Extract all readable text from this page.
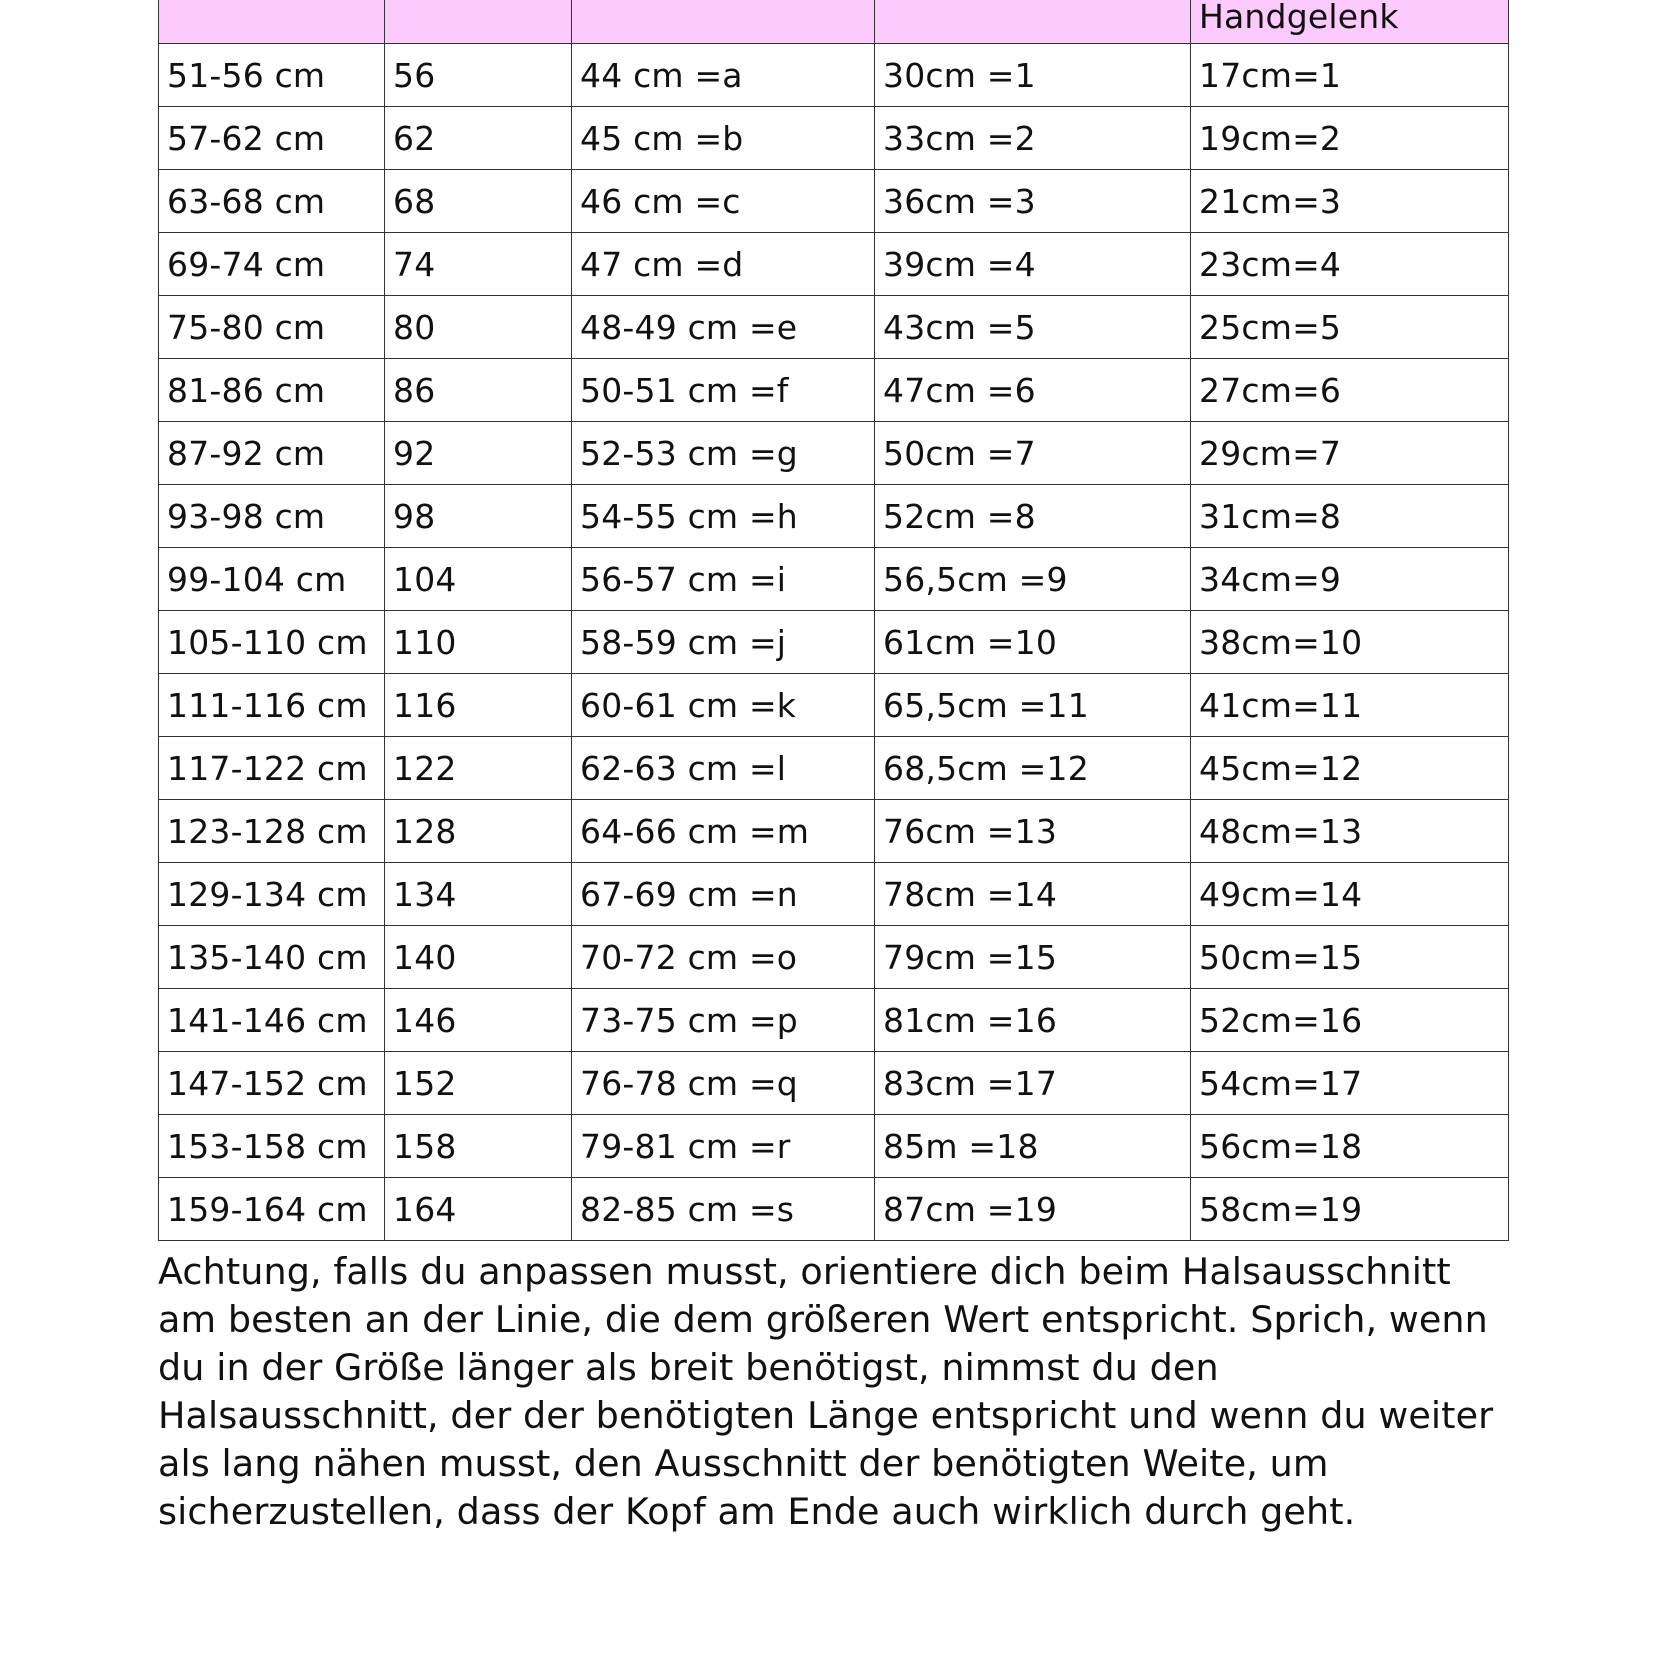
				Handgelenk
51-56 cm	56	44 cm =a	30cm =1	17cm=1
57-62 cm	62	45 cm =b	33cm =2	19cm=2
63-68 cm	68	46 cm =c	36cm =3	21cm=3
69-74 cm	74	47 cm =d	39cm =4	23cm=4
75-80 cm	80	48-49 cm =e	43cm =5	25cm=5
81-86 cm	86	50-51 cm =f	47cm =6	27cm=6
87-92 cm	92	52-53 cm =g	50cm =7	29cm=7
93-98 cm	98	54-55 cm =h	52cm =8	31cm=8
99-104 cm	104	56-57 cm =i	56,5cm =9	34cm=9
105-110 cm	110	58-59 cm =j	61cm =10	38cm=10
111-116 cm	116	60-61 cm =k	65,5cm =11	41cm=11
117-122 cm	122	62-63 cm =l	68,5cm =12	45cm=12
123-128 cm	128	64-66 cm =m	76cm =13	48cm=13
129-134 cm	134	67-69 cm =n	78cm =14	49cm=14
135-140 cm	140	70-72 cm =o	79cm =15	50cm=15
141-146 cm	146	73-75 cm =p	81cm =16	52cm=16
147-152 cm	152	76-78 cm =q	83cm =17	54cm=17
153-158 cm	158	79-81 cm =r	85m =18	56cm=18
159-164 cm	164	82-85 cm =s	87cm =19	58cm=19

Achtung, falls du anpassen musst, orientiere dich beim Halsausschnitt am besten an der Linie, die dem größeren Wert entspricht. Sprich, wenn du in der Größe länger als breit benötigst, nimmst du den Halsausschnitt, der der benötigten Länge entspricht und wenn du weiter als lang nähen musst, den Ausschnitt der benötigten Weite, um sicherzustellen, dass der Kopf am Ende auch wirklich durch geht.
